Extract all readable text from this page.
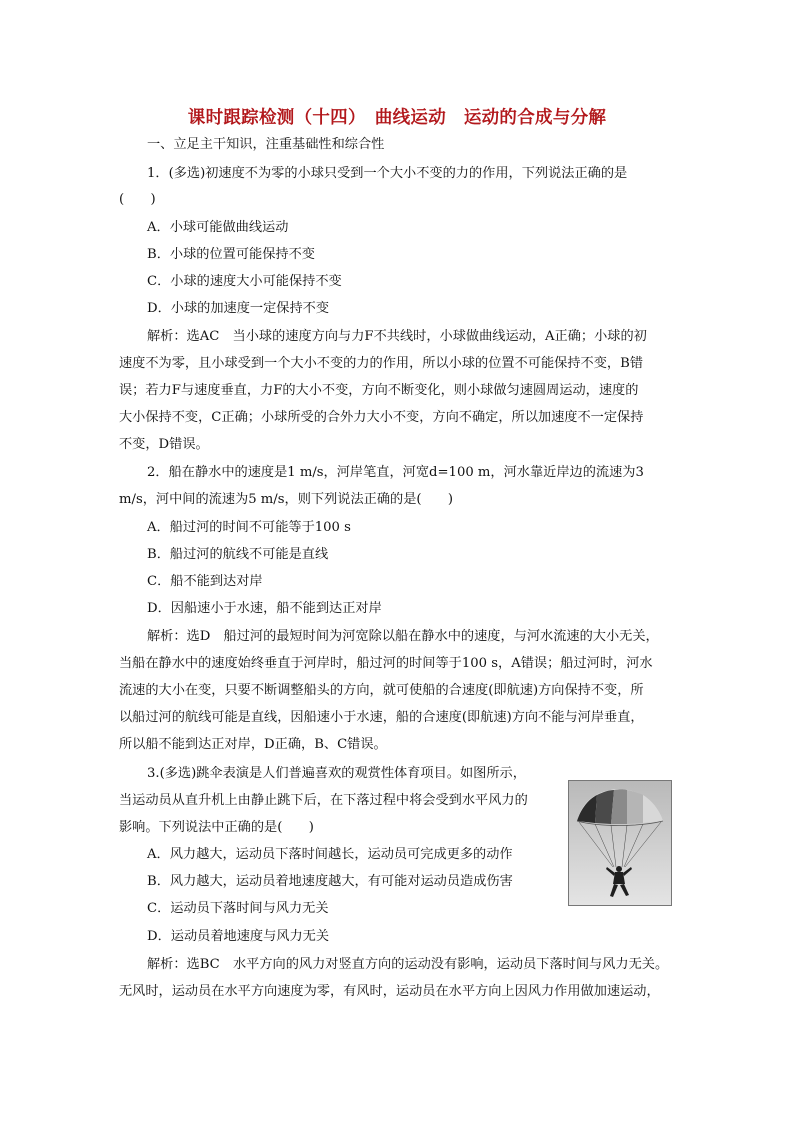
课时跟踪检测（十四）　曲线运动　运动的合成与分解
一、立足主干知识，注重基础性和综合性
1．(多选)初速度不为零的小球只受到一个大小不变的力的作用，下列说法正确的是
(　　)
A．小球可能做曲线运动
B．小球的位置可能保持不变
C．小球的速度大小可能保持不变
D．小球的加速度一定保持不变
解析：选AC　当小球的速度方向与力F不共线时，小球做曲线运动，A正确；小球的初
速度不为零，且小球受到一个大小不变的力的作用，所以小球的位置不可能保持不变，B错
误；若力F与速度垂直，力F的大小不变，方向不断变化，则小球做匀速圆周运动，速度的
大小保持不变，C正确；小球所受的合外力大小不变，方向不确定，所以加速度不一定保持
不变，D错误。
2．船在静水中的速度是1 m/s，河岸笔直，河宽d=100 m，河水靠近岸边的流速为3
m/s，河中间的流速为5 m/s，则下列说法正确的是(　　)
A．船过河的时间不可能等于100 s
B．船过河的航线不可能是直线
C．船不能到达对岸
D．因船速小于水速，船不能到达正对岸
解析：选D　船过河的最短时间为河宽除以船在静水中的速度，与河水流速的大小无关，
当船在静水中的速度始终垂直于河岸时，船过河的时间等于100 s，A错误；船过河时，河水
流速的大小在变，只要不断调整船头的方向，就可使船的合速度(即航速)方向保持不变，所
以船过河的航线可能是直线，因船速小于水速，船的合速度(即航速)方向不能与河岸垂直，
所以船不能到达正对岸，D正确，B、C错误。
3.(多选)跳伞表演是人们普遍喜欢的观赏性体育项目。如图所示，
当运动员从直升机上由静止跳下后，在下落过程中将会受到水平风力的
影响。下列说法中正确的是(　　)
A．风力越大，运动员下落时间越长，运动员可完成更多的动作
B．风力越大，运动员着地速度越大，有可能对运动员造成伤害
C．运动员下落时间与风力无关
D．运动员着地速度与风力无关
解析：选BC　水平方向的风力对竖直方向的运动没有影响，运动员下落时间与风力无关。
无风时，运动员在水平方向速度为零，有风时，运动员在水平方向上因风力作用做加速运动，
